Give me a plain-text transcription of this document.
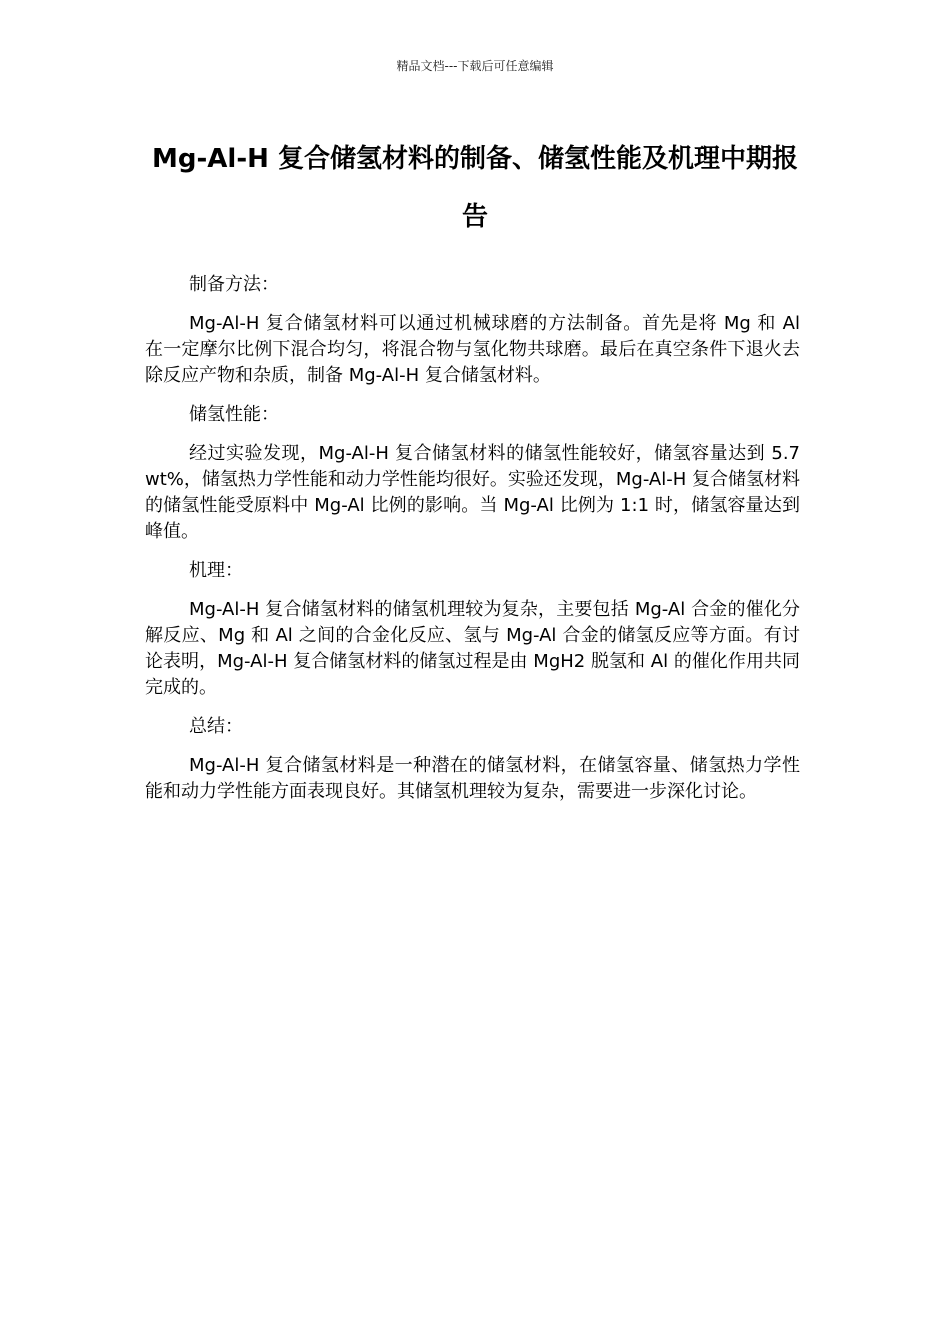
精品文档---下载后可任意编辑
Mg-Al-H 复合储氢材料的制备、储氢性能及机理中期报告

制备方法：

Mg-Al-H 复合储氢材料可以通过机械球磨的方法制备。首先是将 Mg 和 Al 在一定摩尔比例下混合均匀，将混合物与氢化物共球磨。最后在真空条件下退火去除反应产物和杂质，制备 Mg-Al-H 复合储氢材料。

储氢性能：

经过实验发现，Mg-Al-H 复合储氢材料的储氢性能较好，储氢容量达到 5.7 wt%，储氢热力学性能和动力学性能均很好。实验还发现，Mg-Al-H 复合储氢材料的储氢性能受原料中 Mg-Al 比例的影响。当 Mg-Al 比例为 1:1 时，储氢容量达到峰值。

机理：

Mg-Al-H 复合储氢材料的储氢机理较为复杂，主要包括 Mg-Al 合金的催化分解反应、Mg 和 Al 之间的合金化反应、氢与 Mg-Al 合金的储氢反应等方面。有讨论表明，Mg-Al-H 复合储氢材料的储氢过程是由 MgH2 脱氢和 Al 的催化作用共同完成的。

总结：

Mg-Al-H 复合储氢材料是一种潜在的储氢材料，在储氢容量、储氢热力学性能和动力学性能方面表现良好。其储氢机理较为复杂，需要进一步深化讨论。
